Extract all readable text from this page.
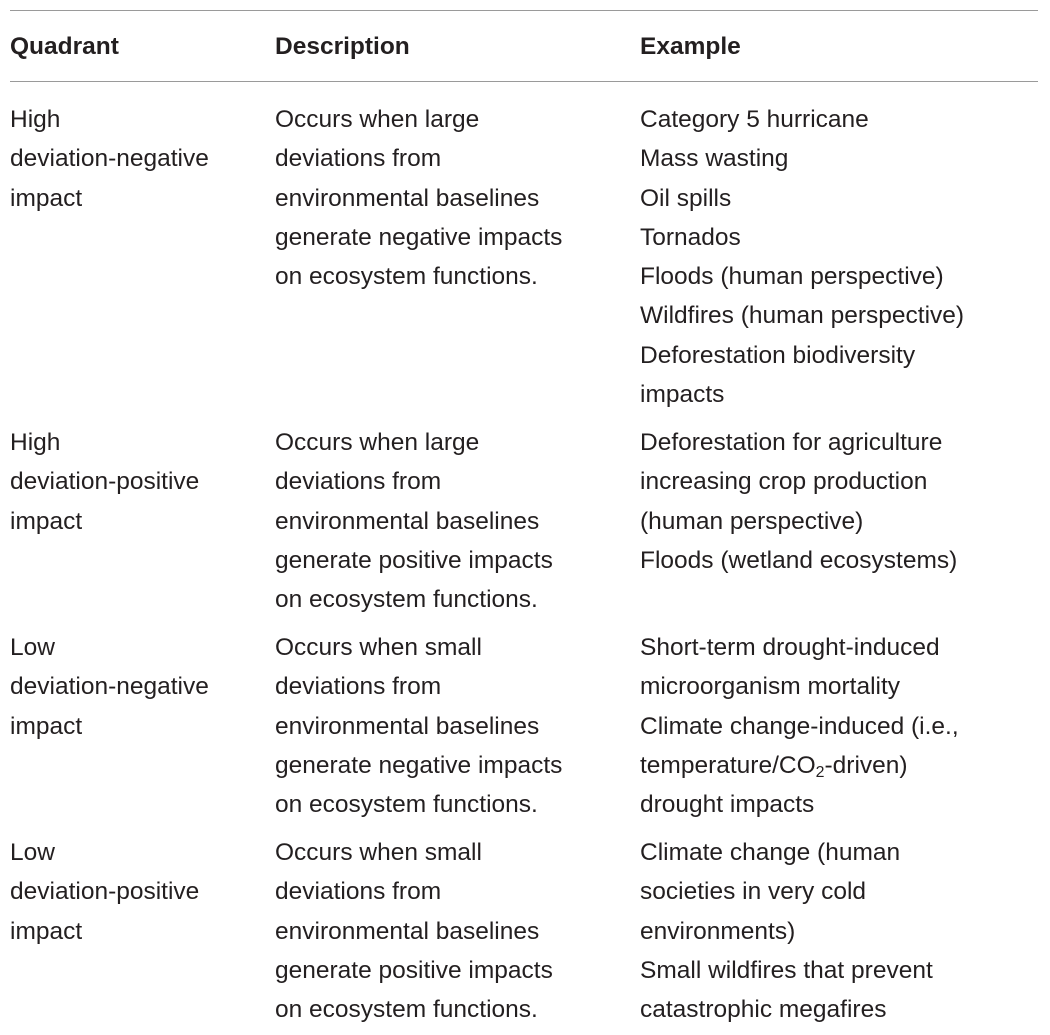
Quadrant	Description	Example
High
deviation-negative
impact
Occurs when large
deviations from
environmental baselines
generate negative impacts
on ecosystem functions.
Category 5 hurricane
Mass wasting
Oil spills
Tornados
Floods (human perspective)
Wildfires (human perspective)
Deforestation biodiversity
impacts
High
deviation-positive
impact
Occurs when large
deviations from
environmental baselines
generate positive impacts
on ecosystem functions.
Deforestation for agriculture
increasing crop production
(human perspective)
Floods (wetland ecosystems)
Low
deviation-negative
impact
Occurs when small
deviations from
environmental baselines
generate negative impacts
on ecosystem functions.
Short-term drought-induced
microorganism mortality
Climate change-induced (i.e.,
temperature/$CO_2-driven$)
drought impacts
Low
deviation-positive
impact
Occurs when small
deviations from
environmental baselines
generate positive impacts
on ecosystem functions.
Climate change (human
societies in very cold
environments)
Small wildfires that prevent
catastrophic megafires
